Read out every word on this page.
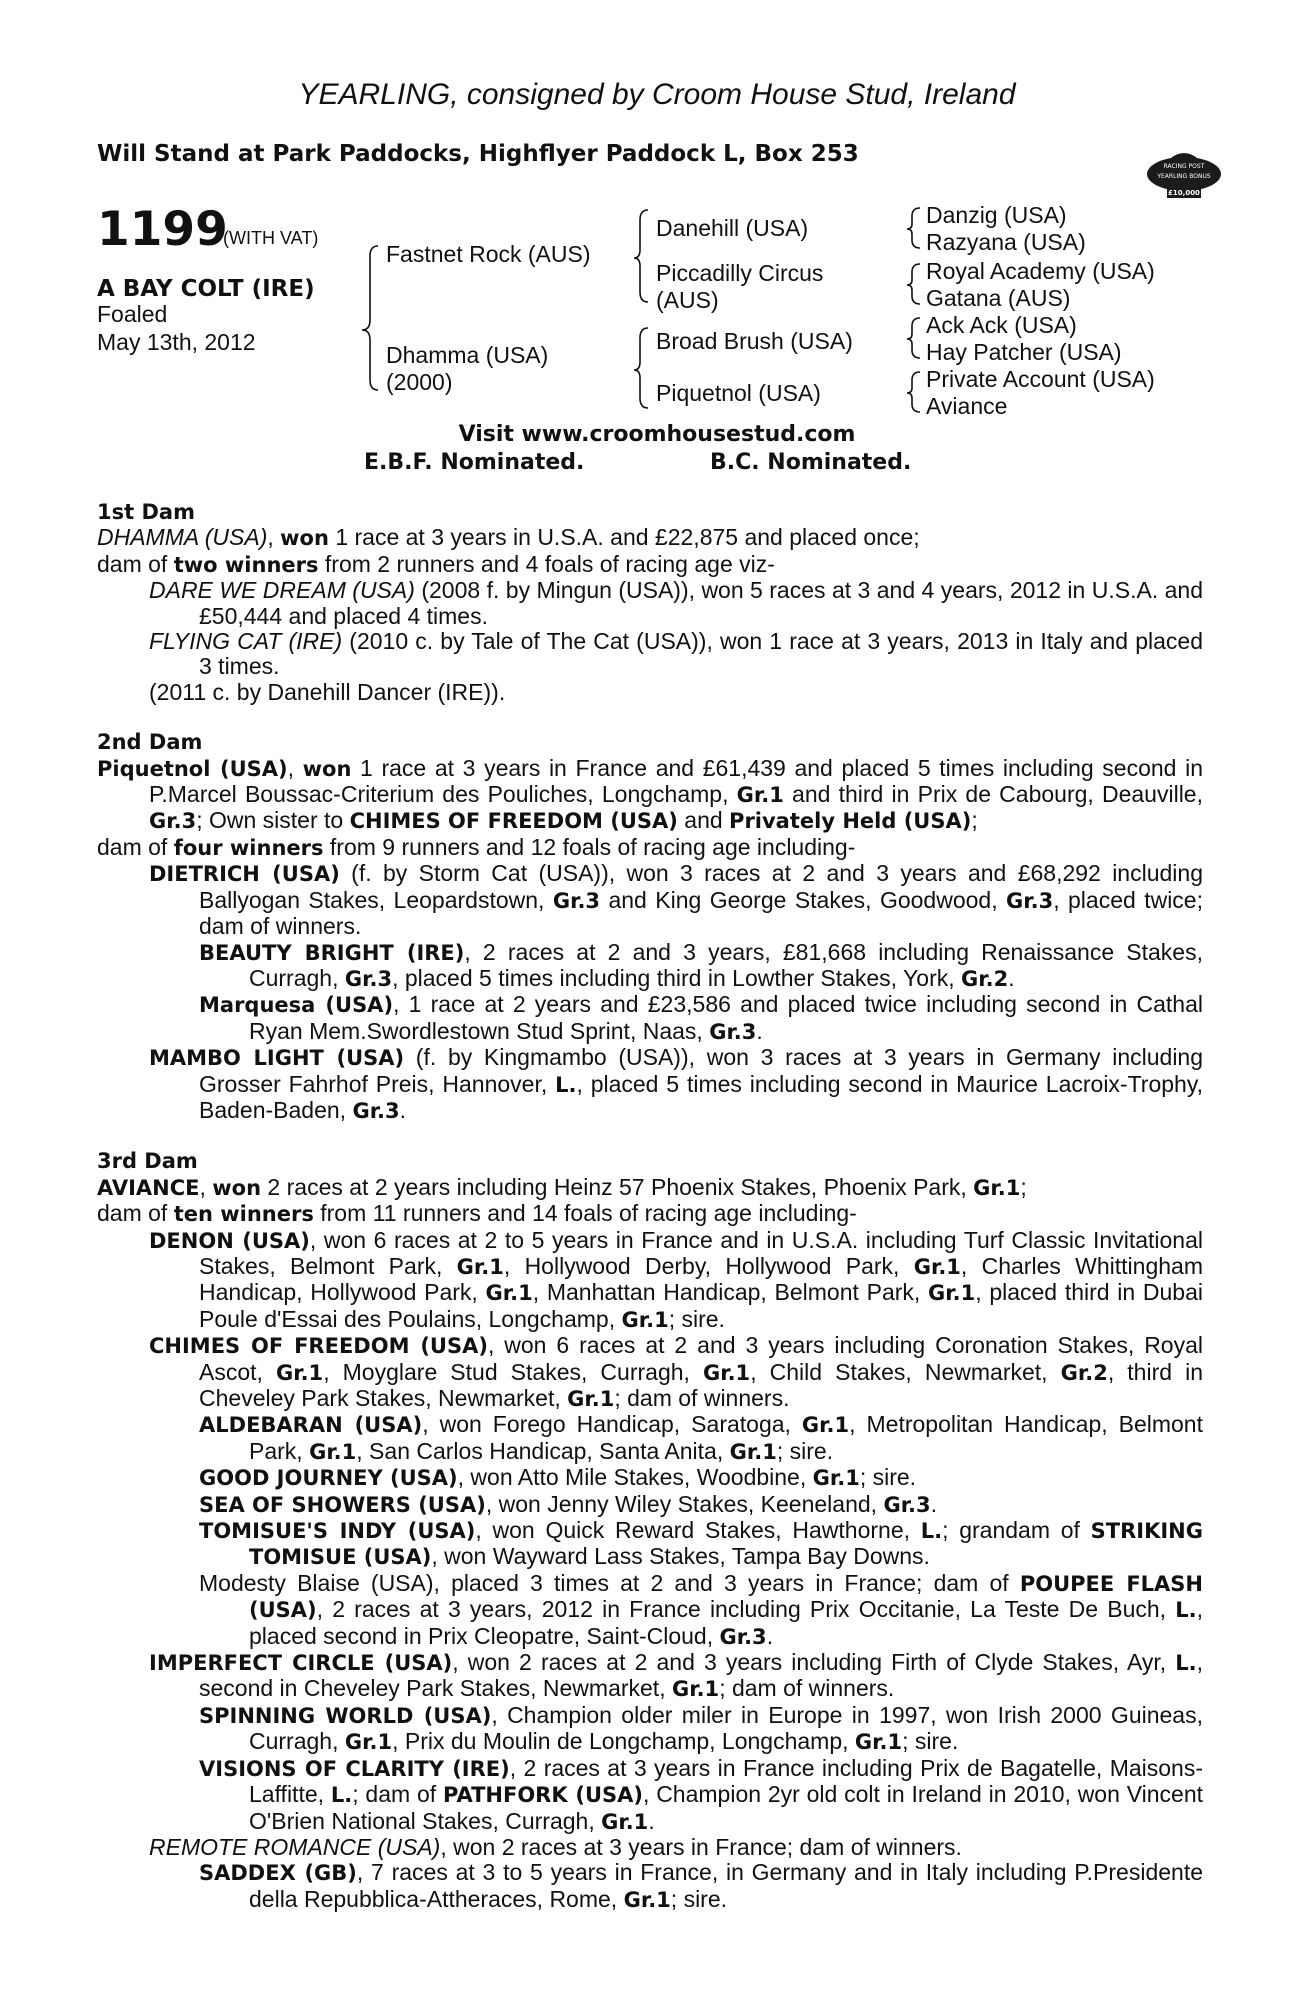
YEARLING, consigned by Croom House Stud, Ireland
Will Stand at Park Paddocks, Highflyer Paddock L, Box 253	RACING POST
YEARLING BONUS
£10,000
1199
(WITH VAT)
A BAY COLT (IRE)
Foaled
May 13th, 2012
Fastnet Rock (AUS)
Dhamma (USA)
(2000)
Danehill (USA)
Piccadilly Circus
(AUS)
Broad Brush (USA)
Piquetnol (USA)
Danzig (USA)
Razyana (USA)
Royal Academy (USA)
Gatana (AUS)
Ack Ack (USA)
Hay Patcher (USA)
Private Account (USA)
Aviance
Visit www.croomhousestud.com
E.B.F. Nominated.	B.C. Nominated.

1st Dam

DHAMMA (USA), won 1 race at 3 years in U.S.A. and £22,875 and placed once;

dam of two winners from 2 runners and 4 foals of racing age viz-

DARE WE DREAM (USA) (2008 f. by Mingun (USA)), won 5 races at 3 and 4 years, 2012 in U.S.A. and £50,444 and placed 4 times.

FLYING CAT (IRE) (2010 c. by Tale of The Cat (USA)), won 1 race at 3 years, 2013 in Italy and placed 3 times.

(2011 c. by Danehill Dancer (IRE)).

2nd Dam

Piquetnol (USA), won 1 race at 3 years in France and £61,439 and placed 5 times including second in P.Marcel Boussac-Criterium des Pouliches, Longchamp, Gr.1 and third in Prix de Cabourg, Deauville, Gr.3; Own sister to CHIMES OF FREEDOM (USA) and Privately Held (USA);

dam of four winners from 9 runners and 12 foals of racing age including-

DIETRICH (USA) (f. by Storm Cat (USA)), won 3 races at 2 and 3 years and £68,292 including Ballyogan Stakes, Leopardstown, Gr.3 and King George Stakes, Goodwood, Gr.3, placed twice; dam of winners.

BEAUTY BRIGHT (IRE), 2 races at 2 and 3 years, £81,668 including Renaissance Stakes, Curragh, Gr.3, placed 5 times including third in Lowther Stakes, York, Gr.2.

Marquesa (USA), 1 race at 2 years and £23,586 and placed twice including second in Cathal Ryan Mem.Swordlestown Stud Sprint, Naas, Gr.3.

MAMBO LIGHT (USA) (f. by Kingmambo (USA)), won 3 races at 3 years in Germany including Grosser Fahrhof Preis, Hannover, L., placed 5 times including second in Maurice Lacroix-Trophy, Baden-Baden, Gr.3.

3rd Dam

AVIANCE, won 2 races at 2 years including Heinz 57 Phoenix Stakes, Phoenix Park, Gr.1;

dam of ten winners from 11 runners and 14 foals of racing age including-

DENON (USA), won 6 races at 2 to 5 years in France and in U.S.A. including Turf Classic Invitational Stakes, Belmont Park, Gr.1, Hollywood Derby, Hollywood Park, Gr.1, Charles Whittingham Handicap, Hollywood Park, Gr.1, Manhattan Handicap, Belmont Park, Gr.1, placed third in Dubai Poule d'Essai des Poulains, Longchamp, Gr.1; sire.

CHIMES OF FREEDOM (USA), won 6 races at 2 and 3 years including Coronation Stakes, Royal Ascot, Gr.1, Moyglare Stud Stakes, Curragh, Gr.1, Child Stakes, Newmarket, Gr.2, third in Cheveley Park Stakes, Newmarket, Gr.1; dam of winners.

ALDEBARAN (USA), won Forego Handicap, Saratoga, Gr.1, Metropolitan Handicap, Belmont Park, Gr.1, San Carlos Handicap, Santa Anita, Gr.1; sire.

GOOD JOURNEY (USA), won Atto Mile Stakes, Woodbine, Gr.1; sire.

SEA OF SHOWERS (USA), won Jenny Wiley Stakes, Keeneland, Gr.3.

TOMISUE'S INDY (USA), won Quick Reward Stakes, Hawthorne, L.; grandam of STRIKING TOMISUE (USA), won Wayward Lass Stakes, Tampa Bay Downs.

Modesty Blaise (USA), placed 3 times at 2 and 3 years in France; dam of POUPEE FLASH (USA), 2 races at 3 years, 2012 in France including Prix Occitanie, La Teste De Buch, L., placed second in Prix Cleopatre, Saint-Cloud, Gr.3.

IMPERFECT CIRCLE (USA), won 2 races at 2 and 3 years including Firth of Clyde Stakes, Ayr, L., second in Cheveley Park Stakes, Newmarket, Gr.1; dam of winners.

SPINNING WORLD (USA), Champion older miler in Europe in 1997, won Irish 2000 Guineas, Curragh, Gr.1, Prix du Moulin de Longchamp, Longchamp, Gr.1; sire.

VISIONS OF CLARITY (IRE), 2 races at 3 years in France including Prix de Bagatelle, Maisons-Laffitte, L.; dam of PATHFORK (USA), Champion 2yr old colt in Ireland in 2010, won Vincent O'Brien National Stakes, Curragh, Gr.1.

REMOTE ROMANCE (USA), won 2 races at 3 years in France; dam of winners.

SADDEX (GB), 7 races at 3 to 5 years in France, in Germany and in Italy including P.Presidente della Repubblica-Attheraces, Rome, Gr.1; sire.
